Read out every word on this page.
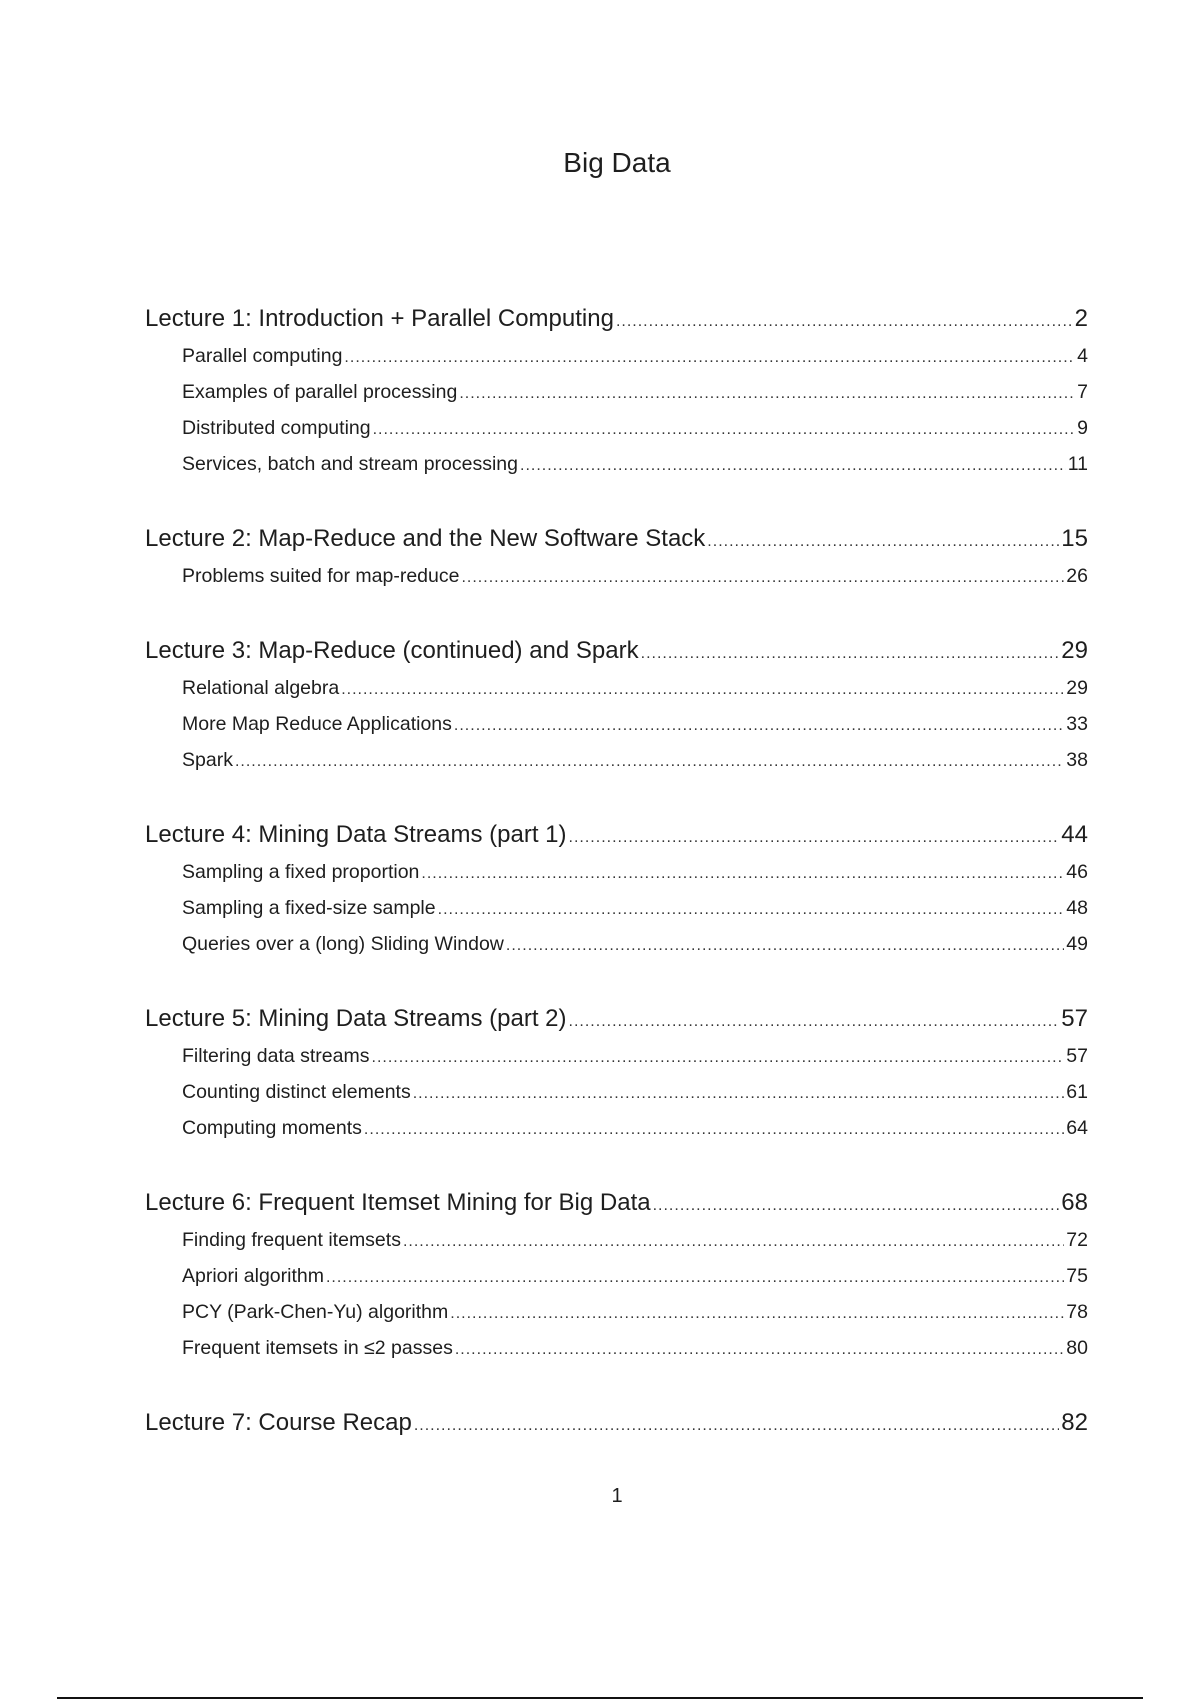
Big Data
Lecture 1: Introduction + Parallel Computing .....	2
Parallel computing .....	4
Examples of parallel processing .....	7
Distributed computing .....	9
Services, batch and stream processing .....	11
Lecture 2: Map-Reduce and the New Software Stack .....	15
Problems suited for map-reduce .....	26
Lecture 3: Map-Reduce (continued) and Spark .....	29
Relational algebra .....	29
More Map Reduce Applications .....	33
Spark .....	38
Lecture 4: Mining Data Streams (part 1) .....	44
Sampling a fixed proportion .....	46
Sampling a fixed-size sample .....	48
Queries over a (long) Sliding Window .....	49
Lecture 5: Mining Data Streams (part 2) .....	57
Filtering data streams .....	57
Counting distinct elements .....	61
Computing moments .....	64
Lecture 6: Frequent Itemset Mining for Big Data .....	68
Finding frequent itemsets .....	72
Apriori algorithm .....	75
PCY (Park-Chen-Yu) algorithm .....	78
Frequent itemsets in ≤2 passes .....	80
Lecture 7: Course Recap .....	82
1
